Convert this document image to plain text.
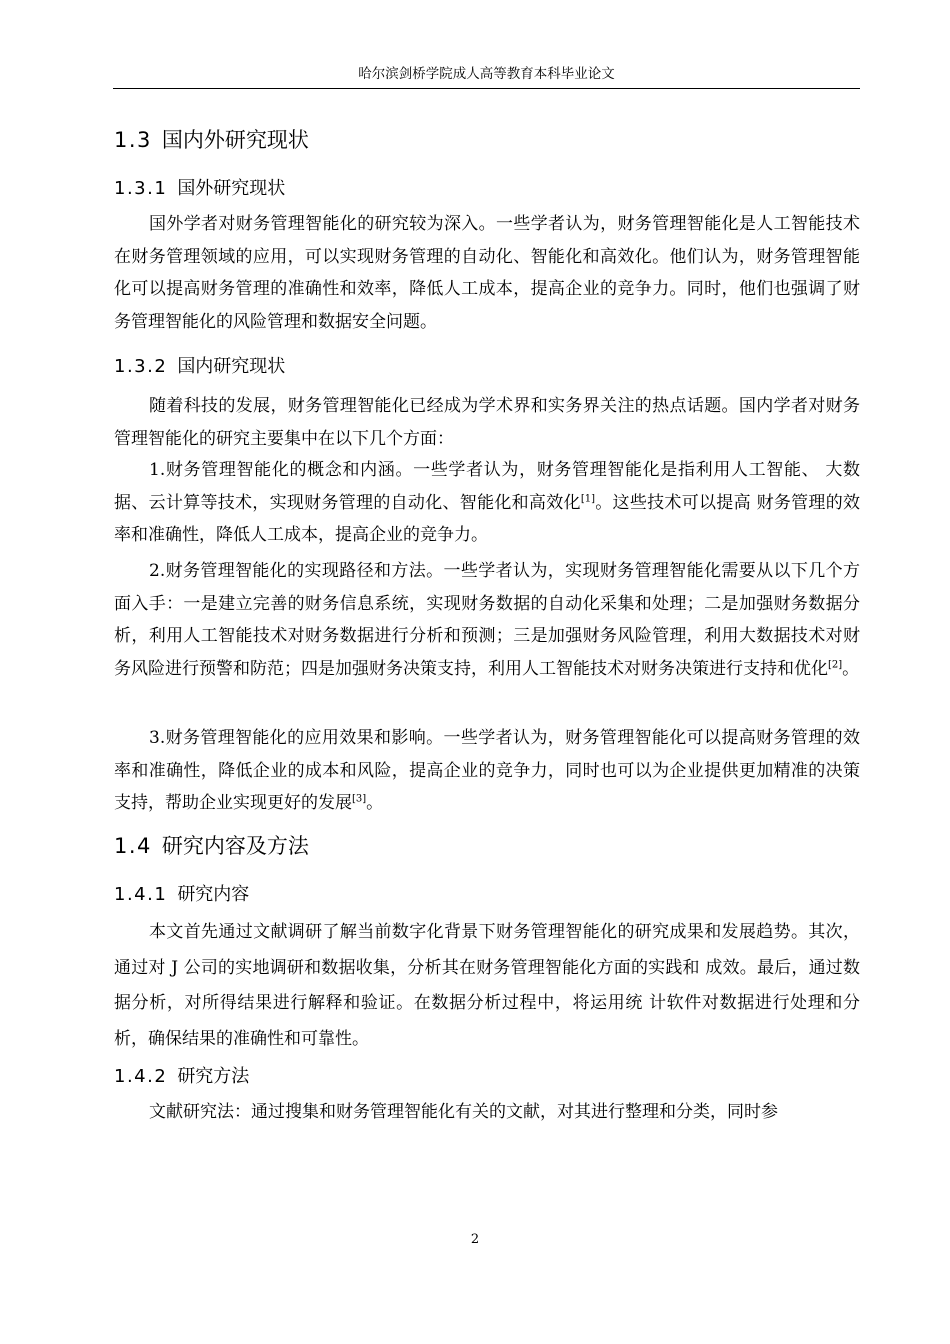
哈尔滨剑桥学院成人高等教育本科毕业论文
1.3 国内外研究现状
1.3.1 国外研究现状

国外学者对财务管理智能化的研究较为深入。一些学者认为，财务管理智能化是人工智能技术在财务管理领域的应用，可以实现财务管理的自动化、智能化和高效化。他们认为，财务管理智能化可以提高财务管理的准确性和效率，降低人工成本，提高企业的竞争力。同时，他们也强调了财务管理智能化的风险管理和数据安全问题。

1.3.2 国内研究现状

随着科技的发展，财务管理智能化已经成为学术界和实务界关注的热点话题。国内学者对财务管理智能化的研究主要集中在以下几个方面：

1.财务管理智能化的概念和内涵。一些学者认为，财务管理智能化是指利用人工智能、 大数据、云计算等技术，实现财务管理的自动化、智能化和高效化[1]。这些技术可以提高 财务管理的效率和准确性，降低人工成本，提高企业的竞争力。

2.财务管理智能化的实现路径和方法。一些学者认为，实现财务管理智能化需要从以下几个方面入手：一是建立完善的财务信息系统，实现财务数据的自动化采集和处理；二是加强财务数据分析，利用人工智能技术对财务数据进行分析和预测；三是加强财务风险管理，利用大数据技术对财务风险进行预警和防范；四是加强财务决策支持，利用人工智能技术对财务决策进行支持和优化[2]。

3.财务管理智能化的应用效果和影响。一些学者认为，财务管理智能化可以提高财务管理的效率和准确性，降低企业的成本和风险，提高企业的竞争力，同时也可以为企业提供更加精准的决策支持，帮助企业实现更好的发展[3]。

1.4 研究内容及方法
1.4.1 研究内容

本文首先通过文献调研了解当前数字化背景下财务管理智能化的研究成果和发展趋势。其次，通过对 J 公司的实地调研和数据收集，分析其在财务管理智能化方面的实践和 成效。最后，通过数据分析，对所得结果进行解释和验证。在数据分析过程中，将运用统 计软件对数据进行处理和分析，确保结果的准确性和可靠性。

1.4.2 研究方法

文献研究法：通过搜集和财务管理智能化有关的文献，对其进行整理和分类，同时参

2
